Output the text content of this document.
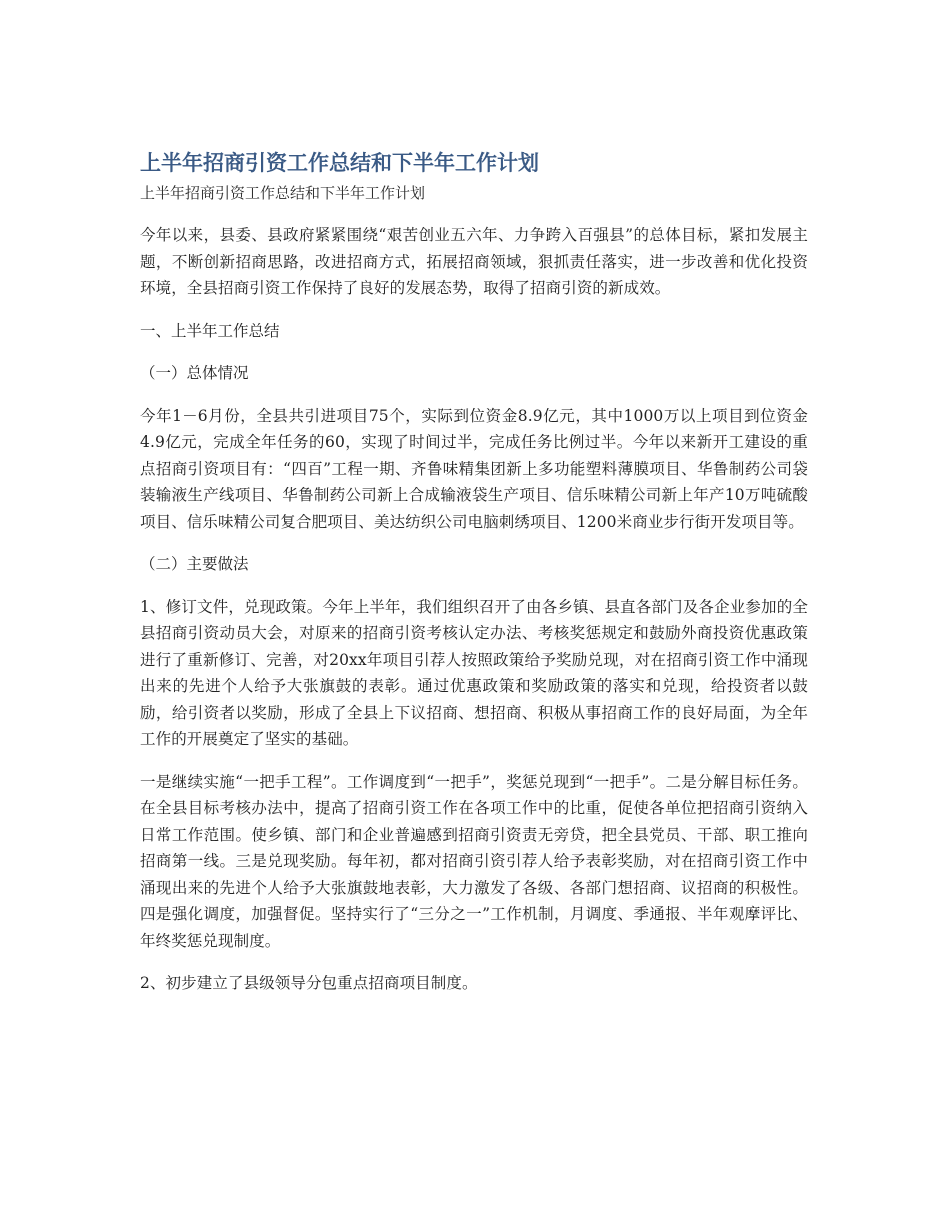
上半年招商引资工作总结和下半年工作计划

上半年招商引资工作总结和下半年工作计划

今年以来，县委、县政府紧紧围绕“艰苦创业五六年、力争跨入百强县”的总体目标，紧扣发展主题，不断创新招商思路，改进招商方式，拓展招商领域，狠抓责任落实，进一步改善和优化投资环境，全县招商引资工作保持了良好的发展态势，取得了招商引资的新成效。

一、上半年工作总结

（一）总体情况

今年1－6月份，全县共引进项目75个，实际到位资金8.9亿元，其中1000万以上项目到位资金4.9亿元，完成全年任务的60，实现了时间过半，完成任务比例过半。今年以来新开工建设的重点招商引资项目有：“四百”工程一期、齐鲁味精集团新上多功能塑料薄膜项目、华鲁制药公司袋装输液生产线项目、华鲁制药公司新上合成输液袋生产项目、信乐味精公司新上年产10万吨硫酸项目、信乐味精公司复合肥项目、美达纺织公司电脑刺绣项目、1200米商业步行街开发项目等。

（二）主要做法

1、修订文件，兑现政策。今年上半年，我们组织召开了由各乡镇、县直各部门及各企业参加的全县招商引资动员大会，对原来的招商引资考核认定办法、考核奖惩规定和鼓励外商投资优惠政策进行了重新修订、完善，对20xx年项目引荐人按照政策给予奖励兑现，对在招商引资工作中涌现出来的先进个人给予大张旗鼓的表彰。通过优惠政策和奖励政策的落实和兑现，给投资者以鼓励，给引资者以奖励，形成了全县上下议招商、想招商、积极从事招商工作的良好局面，为全年工作的开展奠定了坚实的基础。

一是继续实施“一把手工程”。工作调度到“一把手”，奖惩兑现到“一把手”。二是分解目标任务。在全县目标考核办法中，提高了招商引资工作在各项工作中的比重，促使各单位把招商引资纳入日常工作范围。使乡镇、部门和企业普遍感到招商引资责无旁贷，把全县党员、干部、职工推向招商第一线。三是兑现奖励。每年初，都对招商引资引荐人给予表彰奖励，对在招商引资工作中涌现出来的先进个人给予大张旗鼓地表彰，大力激发了各级、各部门想招商、议招商的积极性。四是强化调度，加强督促。坚持实行了“三分之一”工作机制，月调度、季通报、半年观摩评比、年终奖惩兑现制度。

2、初步建立了县级领导分包重点招商项目制度。
